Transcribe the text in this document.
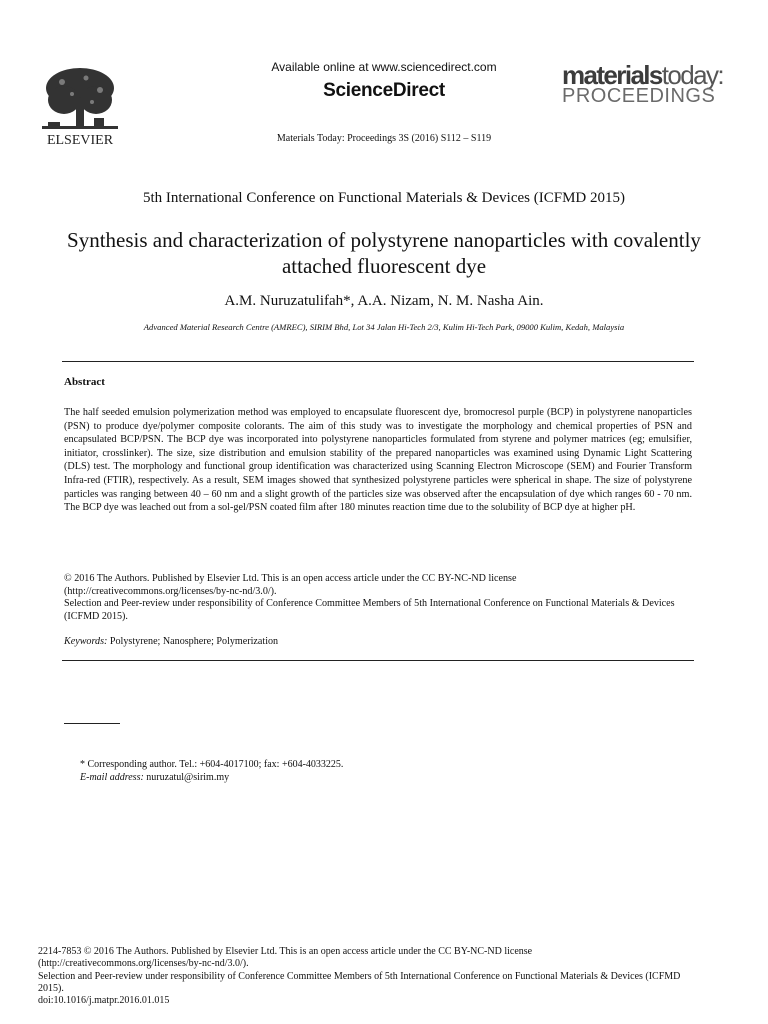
ELSEVIER
Available online at www.sciencedirect.com
ScienceDirect
Materials Today: Proceedings 3S (2016) S112 – S119
materialstoday:
PROCEEDINGS
5th International Conference on Functional Materials & Devices (ICFMD 2015)
Synthesis and characterization of polystyrene nanoparticles with covalently attached fluorescent dye
A.M. Nuruzatulifah*, A.A. Nizam, N. M. Nasha Ain.
Advanced Material Research Centre (AMREC), SIRIM Bhd, Lot 34 Jalan Hi-Tech 2/3, Kulim Hi-Tech Park, 09000 Kulim, Kedah, Malaysia
Abstract
The half seeded emulsion polymerization method was employed to encapsulate fluorescent dye, bromocresol purple (BCP) in polystyrene nanoparticles (PSN) to produce dye/polymer composite colorants. The aim of this study was to investigate the morphology and chemical properties of PSN and encapsulated BCP/PSN. The BCP dye was incorporated into polystyrene nanoparticles formulated from styrene and polymer matrices (eg; emulsifier, initiator, crosslinker). The size, size distribution and emulsion stability of the prepared nanoparticles was examined using Dynamic Light Scattering (DLS) test. The morphology and functional group identification was characterized using Scanning Electron Microscope (SEM) and Fourier Transform Infra-red (FTIR), respectively. As a result, SEM images showed that synthesized polystyrene particles were spherical in shape. The size of polystyrene particles was ranging between 40 – 60 nm and a slight growth of the particles size was observed after the encapsulation of dye which ranges 60 - 70 nm. The BCP dye was leached out from a sol-gel/PSN coated film after 180 minutes reaction time due to the solubility of BCP dye at higher pH.
© 2016 The Authors. Published by Elsevier Ltd. This is an open access article under the CC BY-NC-ND license
(http://creativecommons.org/licenses/by-nc-nd/3.0/).
Selection and Peer-review under responsibility of Conference Committee Members of 5th International Conference on Functional Materials & Devices (ICFMD 2015).
Keywords: Polystyrene; Nanosphere; Polymerization
* Corresponding author. Tel.: +604-4017100; fax: +604-4033225.
E-mail address: nuruzatul@sirim.my
2214-7853 © 2016 The Authors. Published by Elsevier Ltd. This is an open access article under the CC BY-NC-ND license
(http://creativecommons.org/licenses/by-nc-nd/3.0/).
Selection and Peer-review under responsibility of Conference Committee Members of 5th International Conference on Functional Materials & Devices (ICFMD 2015).
doi:10.1016/j.matpr.2016.01.015
